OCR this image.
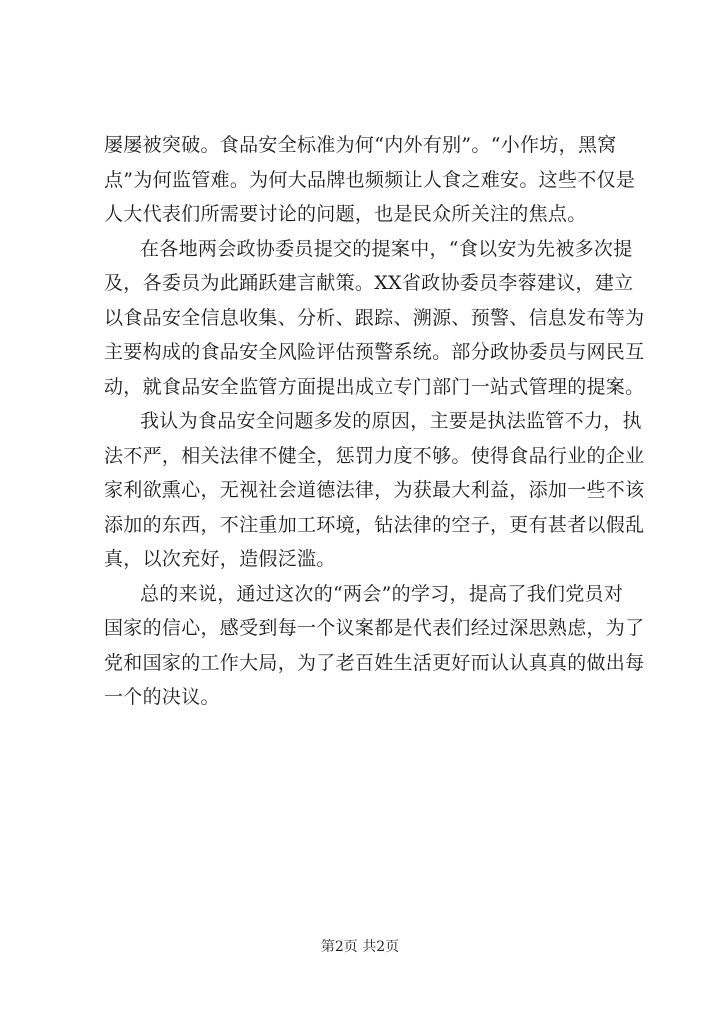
屡屡被突破。食品安全标准为何“内外有别”。“小作坊，黑窝
点”为何监管难。为何大品牌也频频让人食之难安。这些不仅是
人大代表们所需要讨论的问题，也是民众所关注的焦点。
在各地两会政协委员提交的提案中，“食以安为先被多次提
及，各委员为此踊跃建言献策。XX省政协委员李蓉建议，建立
以食品安全信息收集、分析、跟踪、溯源、预警、信息发布等为
主要构成的食品安全风险评估预警系统。部分政协委员与网民互
动，就食品安全监管方面提出成立专门部门一站式管理的提案。
我认为食品安全问题多发的原因，主要是执法监管不力，执
法不严，相关法律不健全，惩罚力度不够。使得食品行业的企业
家利欲熏心，无视社会道德法律，为获最大利益，添加一些不该
添加的东西，不注重加工环境，钻法律的空子，更有甚者以假乱
真，以次充好，造假泛滥。
总的来说，通过这次的“两会”的学习，提高了我们党员对
国家的信心，感受到每一个议案都是代表们经过深思熟虑，为了
党和国家的工作大局，为了老百姓生活更好而认认真真的做出每
一个的决议。
第2页 共2页
